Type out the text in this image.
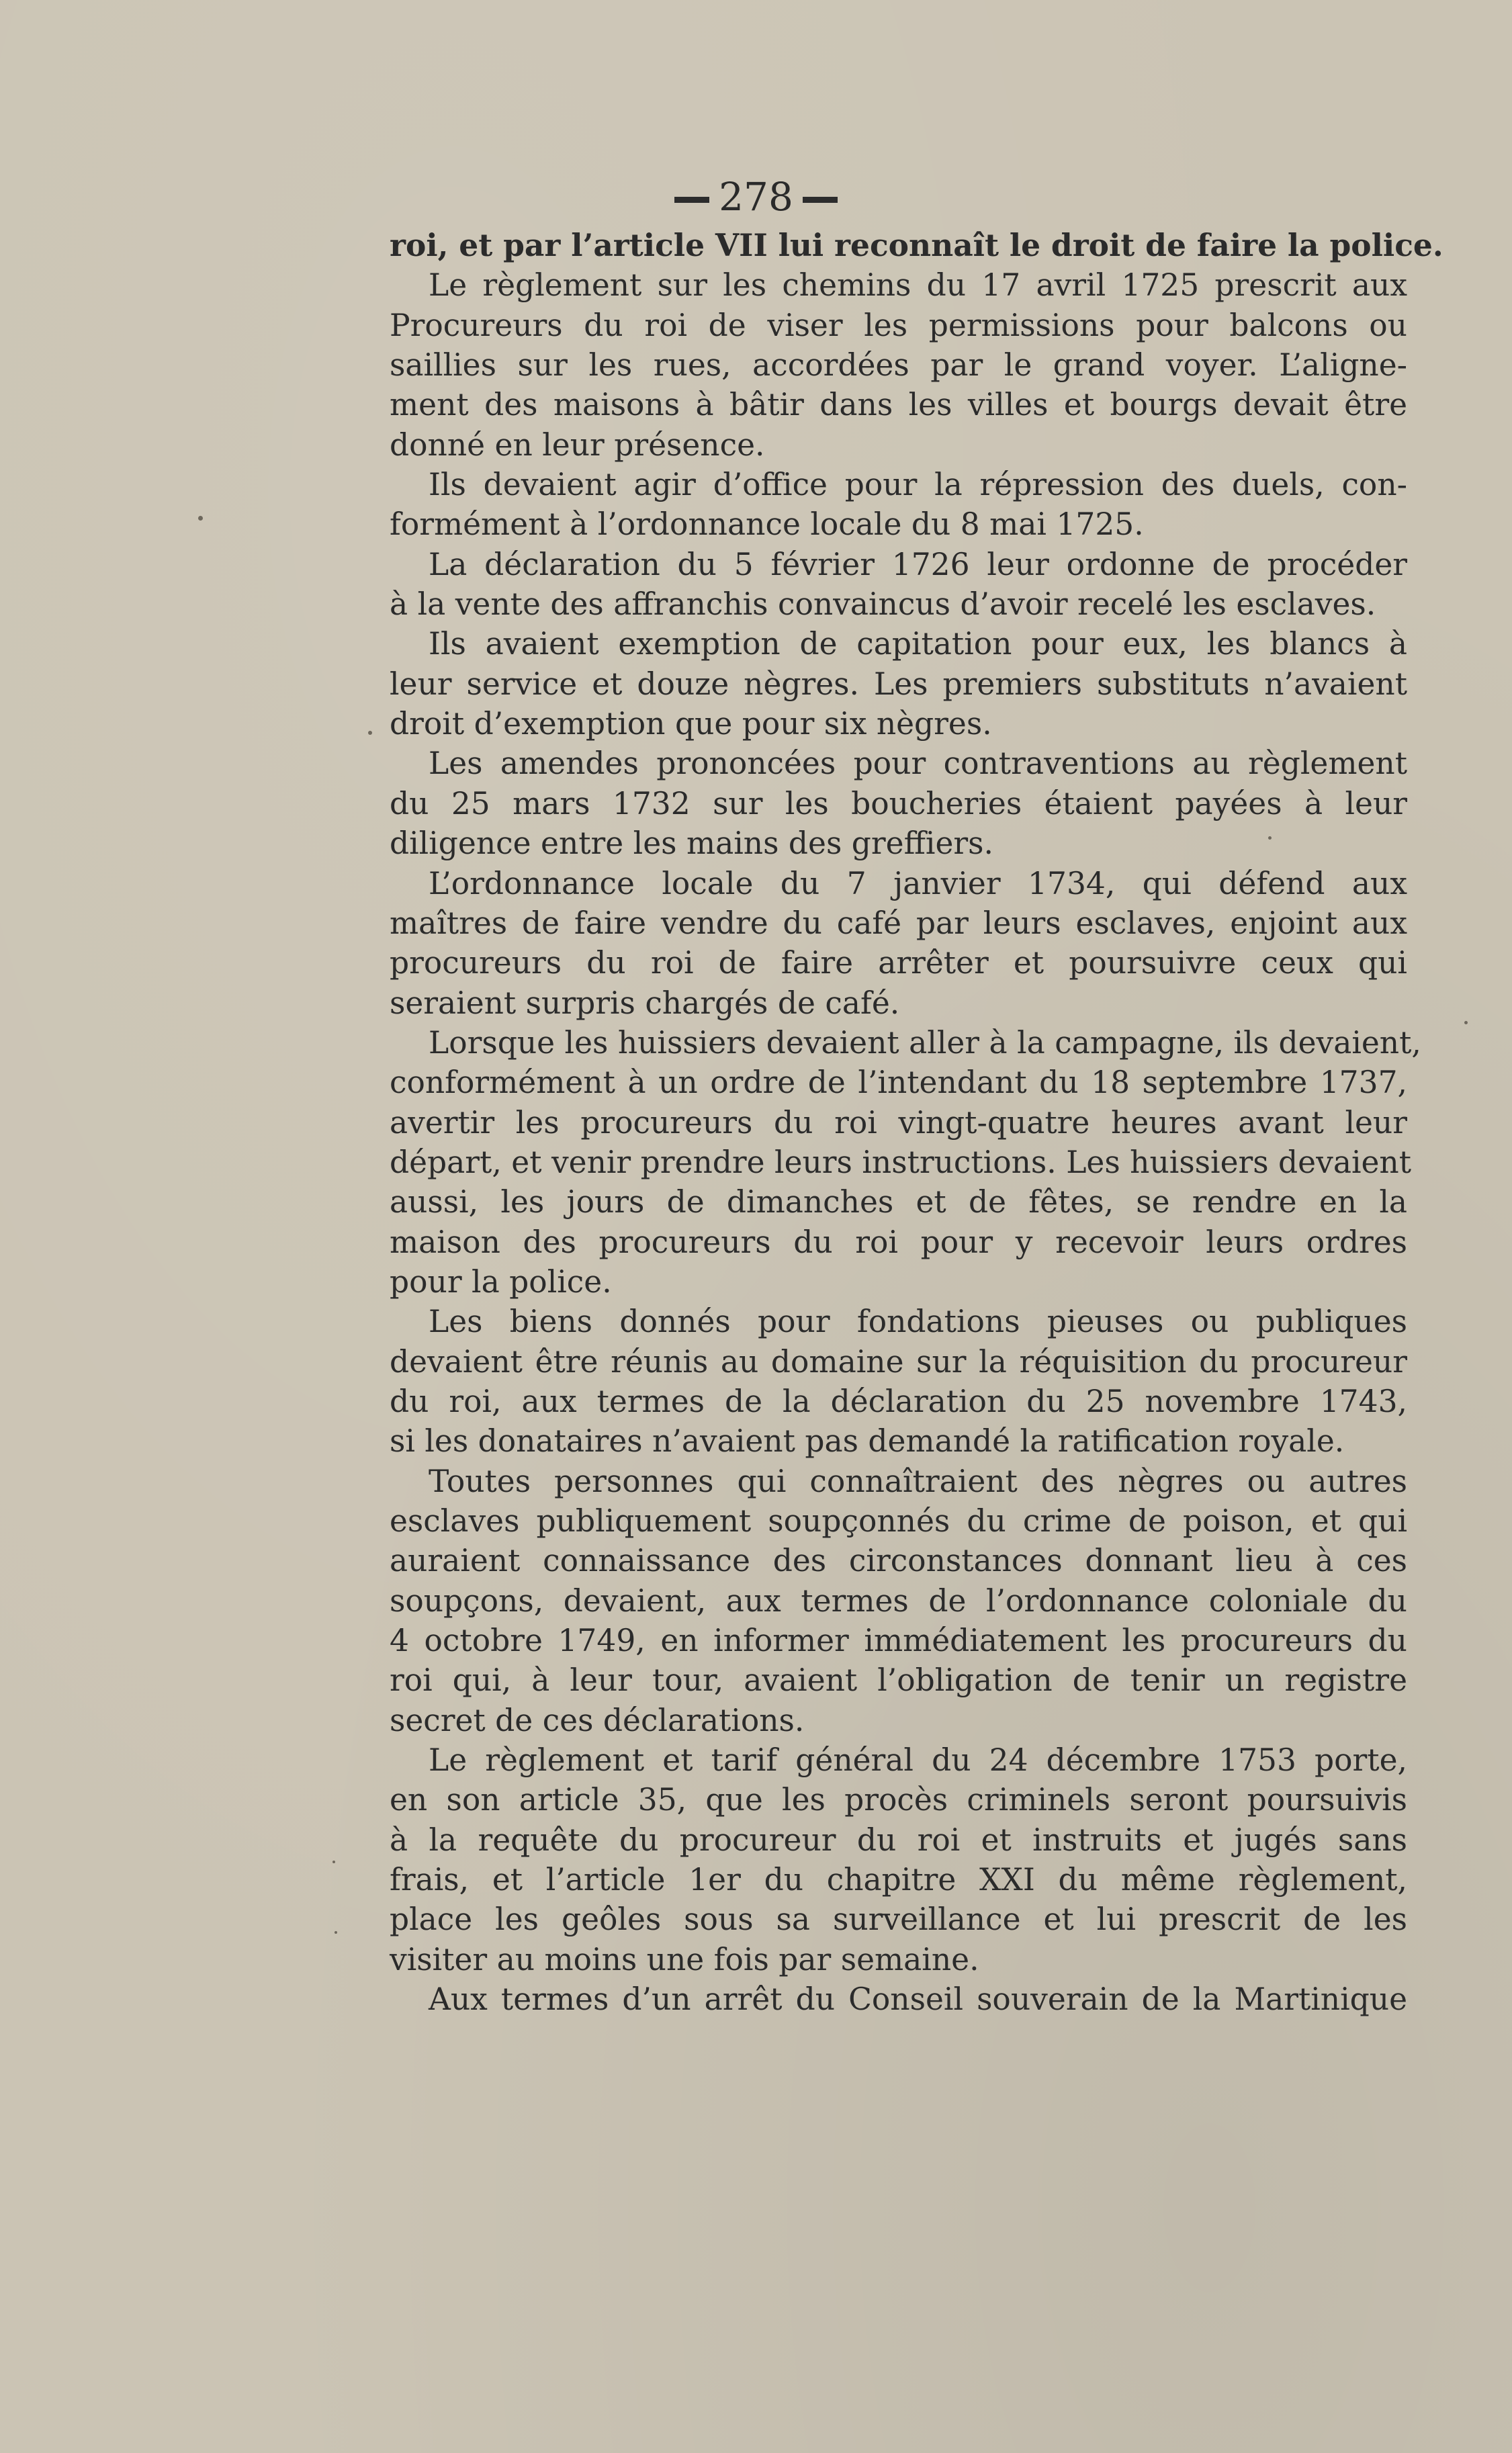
278
roi, et par l’article VII lui reconnaît le droit de faire la police.
Le règlement sur les chemins du 17 avril 1725 prescrit aux
Procureurs du roi de viser les permissions pour balcons ou
saillies sur les rues, accordées par le grand voyer. L’aligne-
ment des maisons à bâtir dans les villes et bourgs devait être
donné en leur présence.
Ils devaient agir d’office pour la répression des duels, con-
formément à l’ordonnance locale du 8 mai 1725.
La déclaration du 5 février 1726 leur ordonne de procéder
à la vente des affranchis convaincus d’avoir recelé les esclaves.
Ils avaient exemption de capitation pour eux, les blancs à
leur service et douze nègres. Les premiers substituts n’avaient
droit d’exemption que pour six nègres.
Les amendes prononcées pour contraventions au règlement
du 25 mars 1732 sur les boucheries étaient payées à leur
diligence entre les mains des greffiers.
L’ordonnance locale du 7 janvier 1734, qui défend aux
maîtres de faire vendre du café par leurs esclaves, enjoint aux
procureurs du roi de faire arrêter et poursuivre ceux qui
seraient surpris chargés de café.
Lorsque les huissiers devaient aller à la campagne, ils devaient,
conformément à un ordre de l’intendant du 18 septembre 1737,
avertir les procureurs du roi vingt-quatre heures avant leur
départ, et venir prendre leurs instructions. Les huissiers devaient
aussi, les jours de dimanches et de fêtes, se rendre en la
maison des procureurs du roi pour y recevoir leurs ordres
pour la police.
Les biens donnés pour fondations pieuses ou publiques
devaient être réunis au domaine sur la réquisition du procureur
du roi, aux termes de la déclaration du 25 novembre 1743,
si les donataires n’avaient pas demandé la ratification royale.
Toutes personnes qui connaîtraient des nègres ou autres
esclaves publiquement soupçonnés du crime de poison, et qui
auraient connaissance des circonstances donnant lieu à ces
soupçons, devaient, aux termes de l’ordonnance coloniale du
4 octobre 1749, en informer immédiatement les procureurs du
roi qui, à leur tour, avaient l’obligation de tenir un registre
secret de ces déclarations.
Le règlement et tarif général du 24 décembre 1753 porte,
en son article 35, que les procès criminels seront poursuivis
à la requête du procureur du roi et instruits et jugés sans
frais, et l’article 1er du chapitre XXI du même règlement,
place les geôles sous sa surveillance et lui prescrit de les
visiter au moins une fois par semaine.
Aux termes d’un arrêt du Conseil souverain de la Martinique
